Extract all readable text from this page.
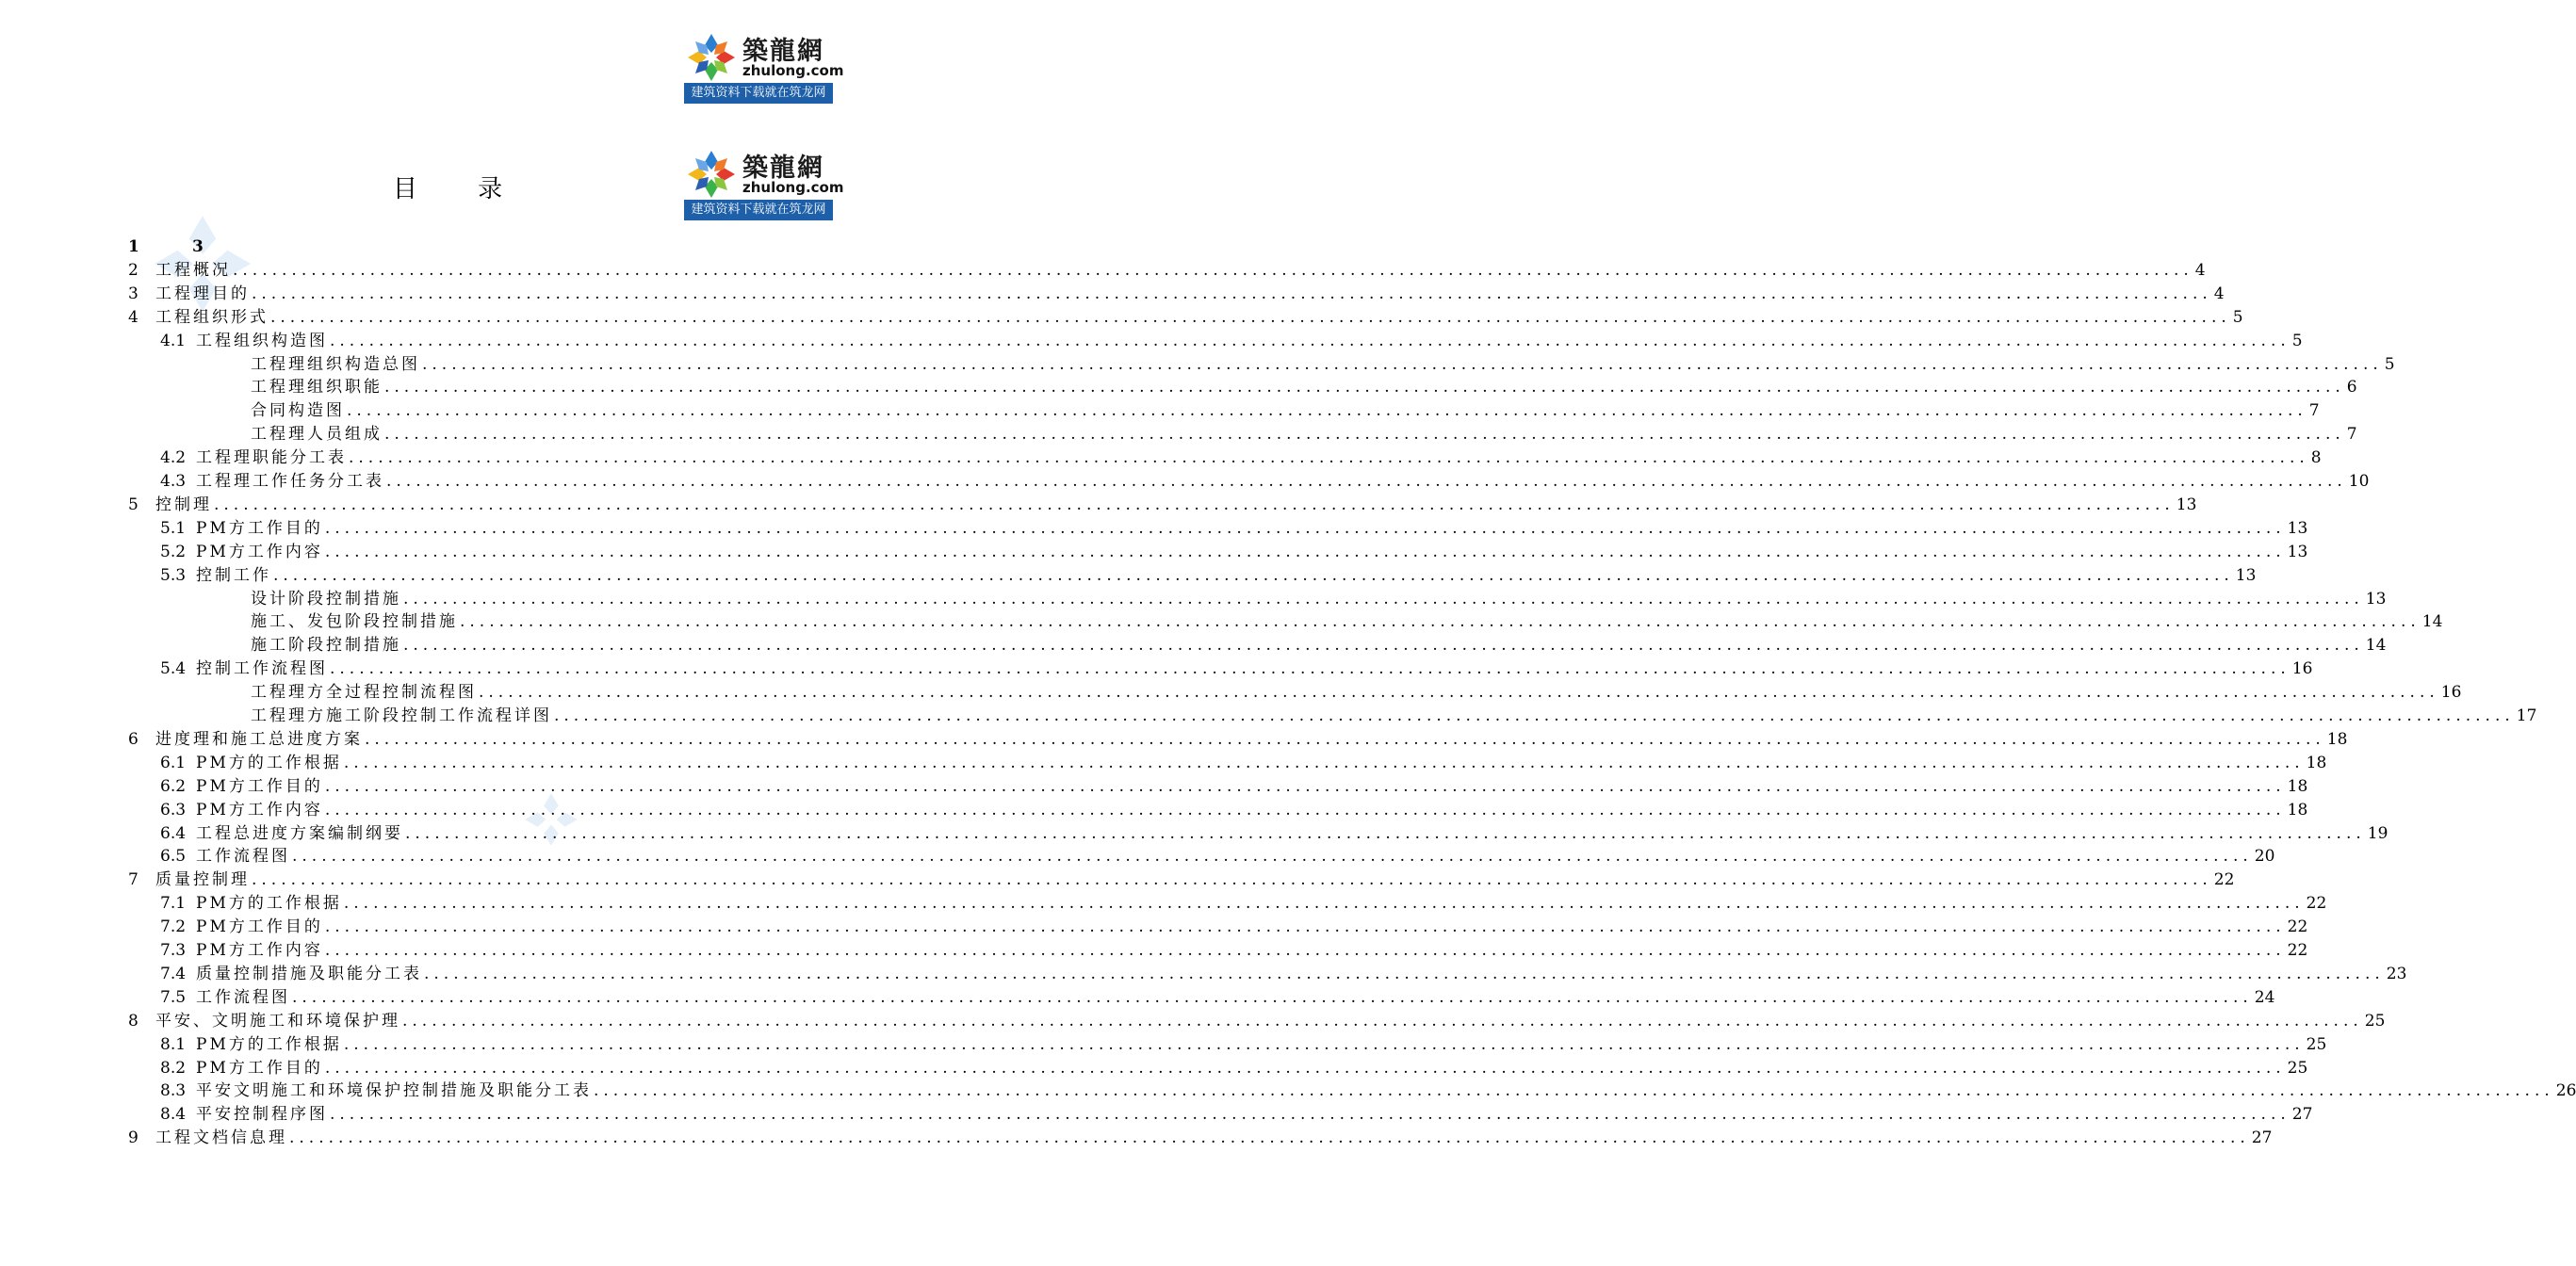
築龍網
zhulong.com
建筑资料下载就在筑龙网
築龍網
zhulong.com
建筑资料下载就在筑龙网
目 录
1	3
2 工程概况 ........................................................................................................................................................................................................ 4
3 工程理目的 ........................................................................................................................................................................................................ 4
4 工程组织形式 ........................................................................................................................................................................................................ 5
4.1 工程组织构造图 ........................................................................................................................................................................................................ 5
工程理组织构造总图 ........................................................................................................................................................................................................ 5
工程理组织职能 ........................................................................................................................................................................................................ 6
合同构造图 ........................................................................................................................................................................................................ 7
工程理人员组成 ........................................................................................................................................................................................................ 7
4.2 工程理职能分工表 ........................................................................................................................................................................................................ 8
4.3 工程理工作任务分工表 ........................................................................................................................................................................................................ 10
5 控制理 ........................................................................................................................................................................................................ 13
5.1 PM方工作目的 ........................................................................................................................................................................................................ 13
5.2 PM方工作内容 ........................................................................................................................................................................................................ 13
5.3 控制工作 ........................................................................................................................................................................................................ 13
设计阶段控制措施 ........................................................................................................................................................................................................ 13
施工、发包阶段控制措施 ........................................................................................................................................................................................................ 14
施工阶段控制措施 ........................................................................................................................................................................................................ 14
5.4 控制工作流程图 ........................................................................................................................................................................................................ 16
工程理方全过程控制流程图 ........................................................................................................................................................................................................ 16
工程理方施工阶段控制工作流程详图 ........................................................................................................................................................................................................ 17
6 进度理和施工总进度方案 ........................................................................................................................................................................................................ 18
6.1 PM方的工作根据 ........................................................................................................................................................................................................ 18
6.2 PM方工作目的 ........................................................................................................................................................................................................ 18
6.3 PM方工作内容 ........................................................................................................................................................................................................ 18
6.4 工程总进度方案编制纲要 ........................................................................................................................................................................................................ 19
6.5 工作流程图 ........................................................................................................................................................................................................ 20
7 质量控制理 ........................................................................................................................................................................................................ 22
7.1 PM方的工作根据 ........................................................................................................................................................................................................ 22
7.2 PM方工作目的 ........................................................................................................................................................................................................ 22
7.3 PM方工作内容 ........................................................................................................................................................................................................ 22
7.4 质量控制措施及职能分工表 ........................................................................................................................................................................................................ 23
7.5 工作流程图 ........................................................................................................................................................................................................ 24
8 平安、文明施工和环境保护理 ........................................................................................................................................................................................................ 25
8.1 PM方的工作根据 ........................................................................................................................................................................................................ 25
8.2 PM方工作目的 ........................................................................................................................................................................................................ 25
8.3 平安文明施工和环境保护控制措施及职能分工表 ........................................................................................................................................................................................................ 26
8.4 平安控制程序图 ........................................................................................................................................................................................................ 27
9 工程文档信息理 ........................................................................................................................................................................................................ 27
